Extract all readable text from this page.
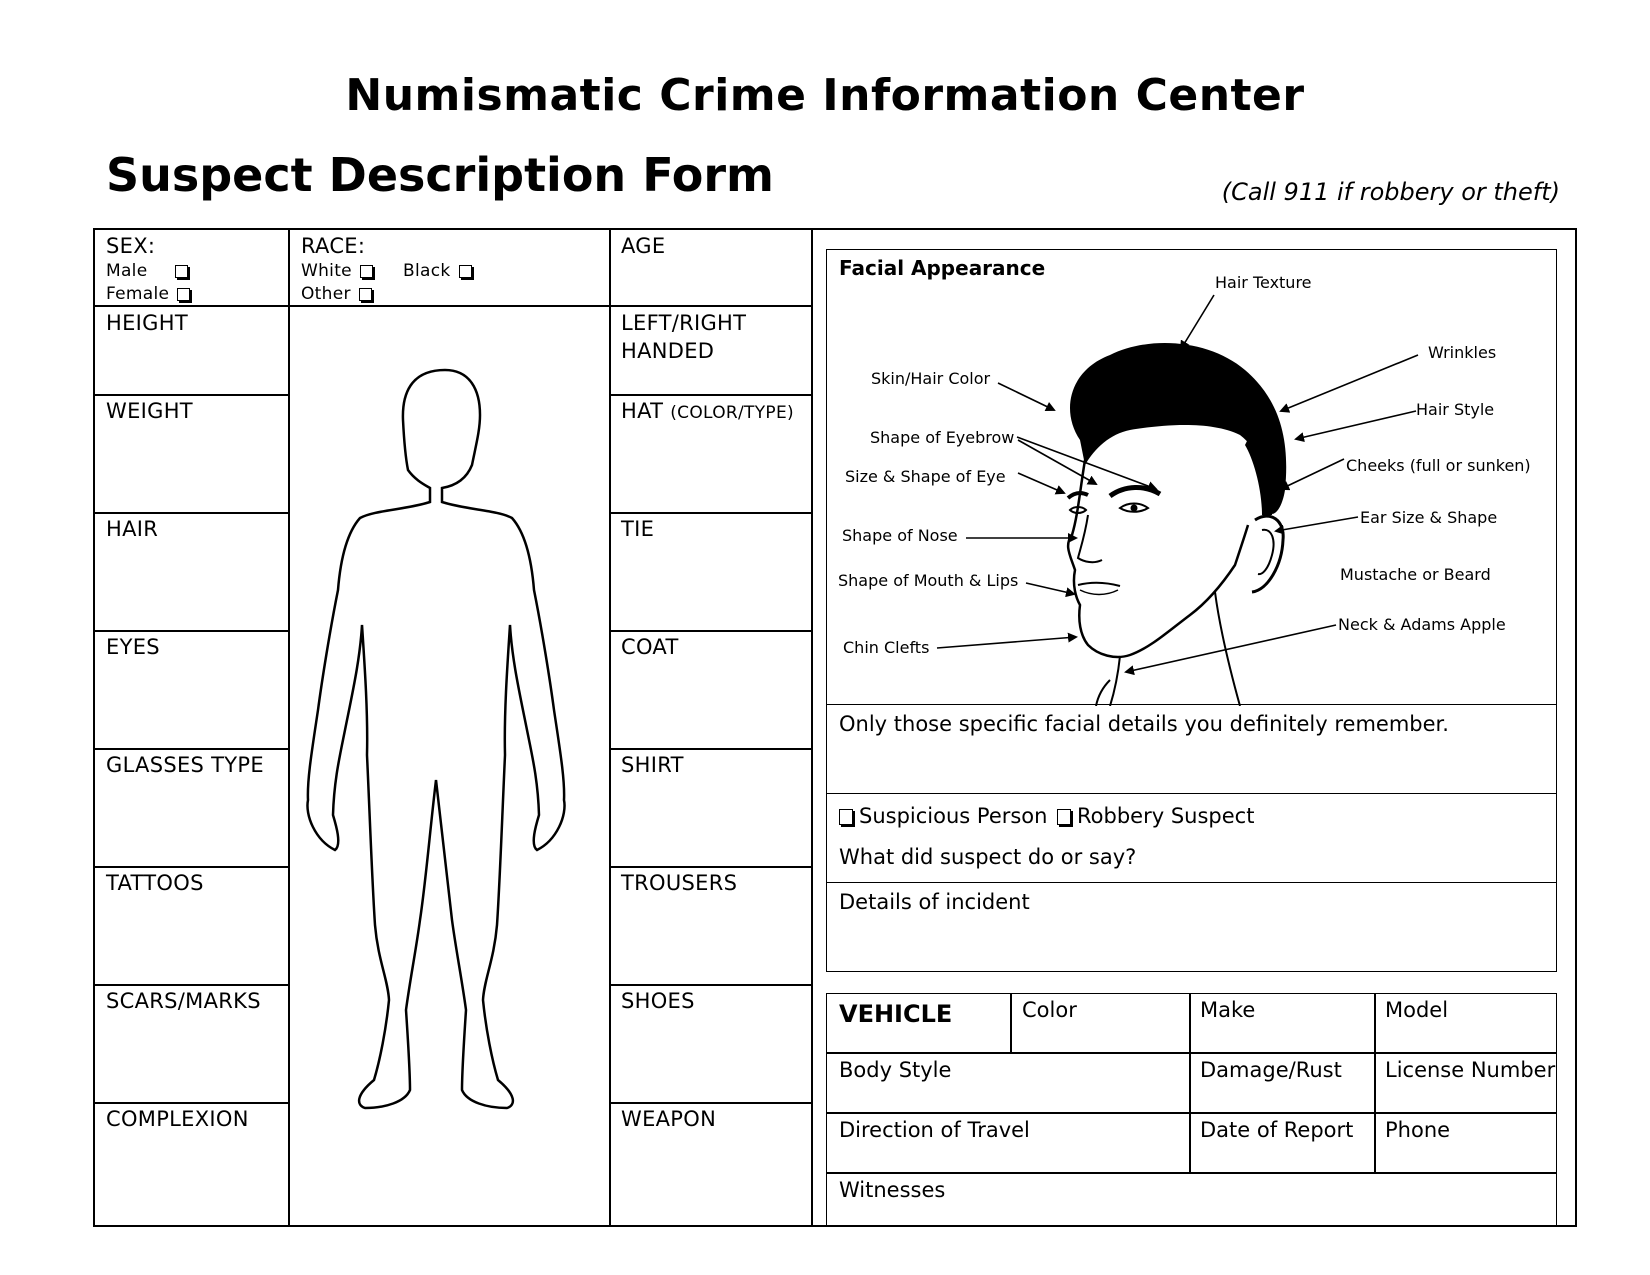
Numismatic Crime Information Center
Suspect Description Form	(Call 911 if robbery or theft)
SEX:
Male
Female
RACE:
White	Black
Other
AGE
HEIGHT
WEIGHT
HAIR
EYES
GLASSES TYPE
TATTOOS
SCARS/MARKS
COMPLEXION
LEFT/RIGHT
HANDED
HAT (COLOR/TYPE)
TIE
COAT
SHIRT
TROUSERS
SHOES
WEAPON
Facial Appearance
Hair Texture
Wrinkles
Skin/Hair Color
Hair Style
Shape of Eyebrow
Cheeks (full or sunken)
Size & Shape of Eye
Ear Size & Shape
Shape of Nose
Shape of Mouth & Lips	Mustache or Beard
Neck & Adams Apple
Chin Clefts
Only those specific facial details you definitely remember.
Suspicious Person	Robbery Suspect
What did suspect do or say?
Details of incident
VEHICLE	Color	Make	Model
Body Style	Damage/Rust License Number
Direction of Travel	Date of Report Phone
Witnesses
